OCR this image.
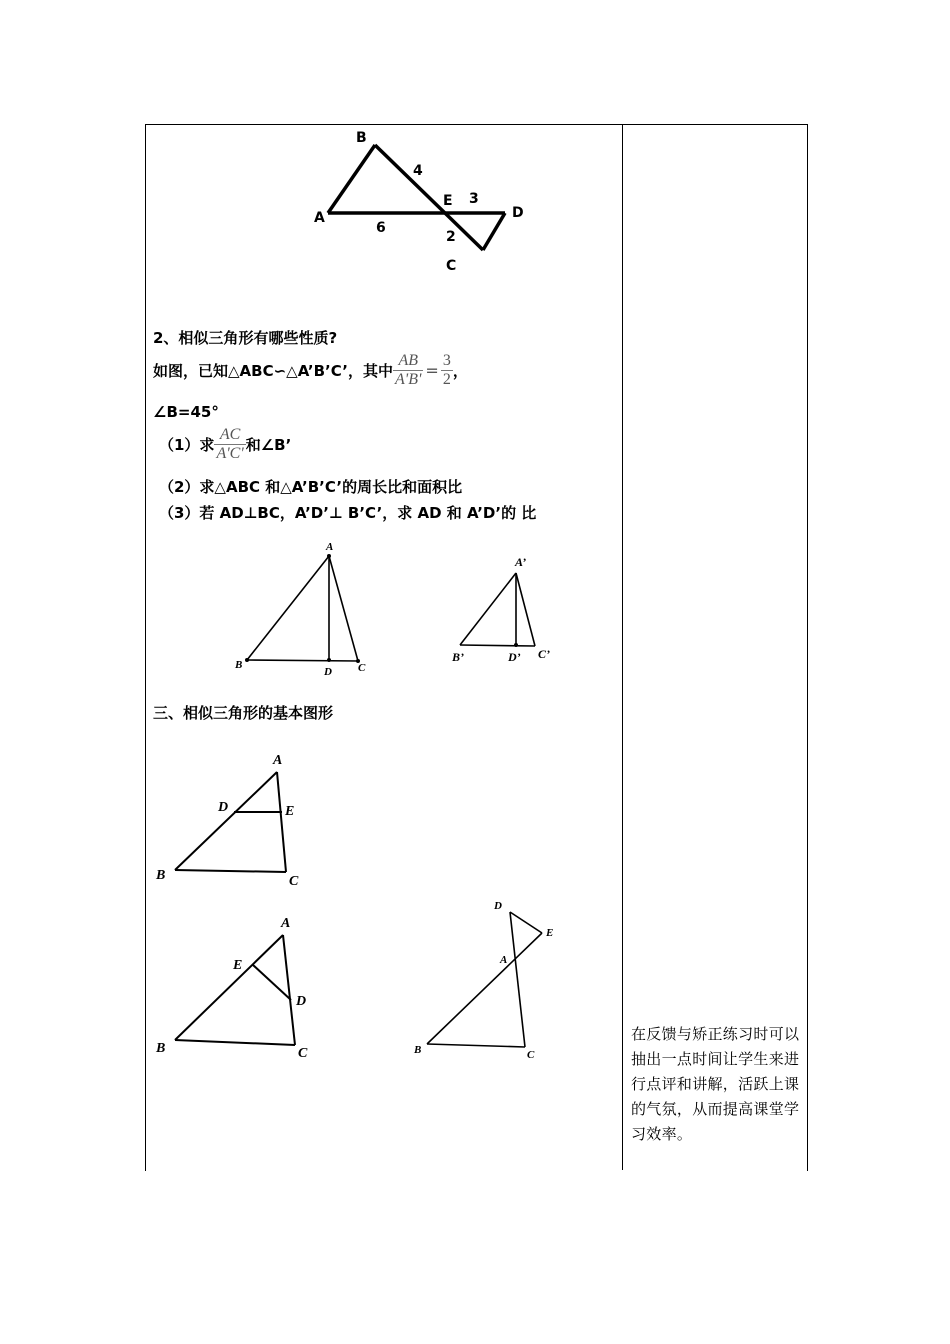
B
A
4
E 3
D
6
2
C
2、相似三角形有哪些性质?
如图，已知△ABC∽△A’B’C’，其中 $\frac{AB}{A'B'} = \frac{3}{2}$ ，
∠B=45°
（1）求 $\frac{AC}{A'C'}$ 和∠B’
（2）求△ABC 和△A’B’C’的周长比和面积比
（3）若 AD⊥BC，A’D’⊥ B’C’，求 AD 和 A’D’的 比
A
B
D C
A’
B’	D’ C’
三、相似三角形的基本图形
A
D	E
B	C
A
E
D
B	C
D
E
A
B	C
在反馈与矫正练习时可以抽出一点时间让学生来进行点评和讲解，活跃上课的气氛，从而提高课堂学习效率。
